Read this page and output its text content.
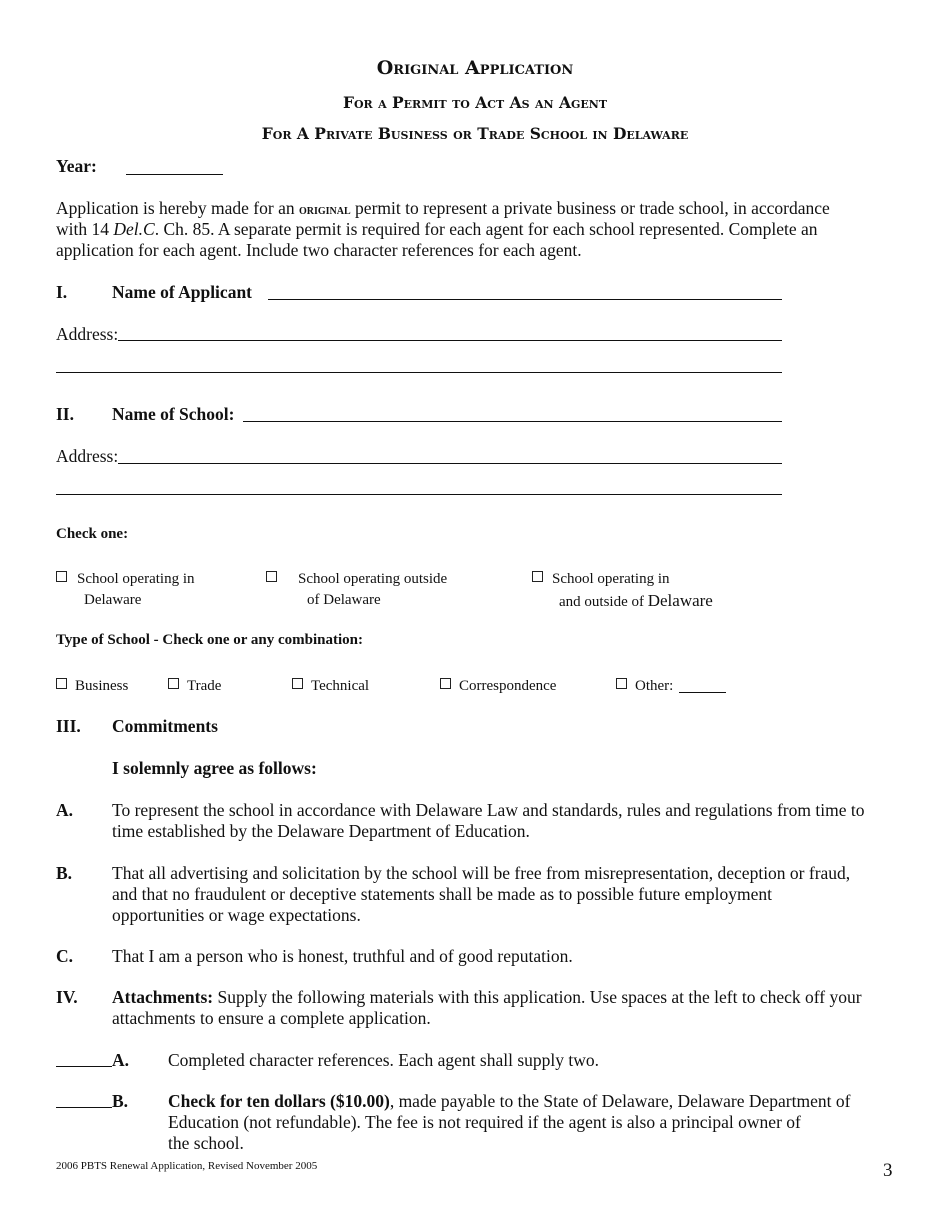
Original Application
For a Permit to Act As an Agent
For A Private Business or Trade School in Delaware
Year:
Application is hereby made for an original permit to represent a private business or trade school, in accordance
with 14 Del.C. Ch. 85. A separate permit is required for each agent for each school represented. Complete an
application for each agent. Include two character references for each agent.
I.	Name of Applicant
Address:
II. Name of School:
Address:
Check one:
School operating in
Delaware
School operating outside
of Delaware
School operating in
and outside of Delaware
Type of School - Check one or any combination:
Business	Trade	Technical	Correspondence	Other:
III. Commitments
I solemnly agree as follows:
A. To represent the school in accordance with Delaware Law and standards, rules and regulations from time to
time established by the Delaware Department of Education.
B. That all advertising and solicitation by the school will be free from misrepresentation, deception or fraud,
and that no fraudulent or deceptive statements shall be made as to possible future employment
opportunities or wage expectations.
C. That I am a person who is honest, truthful and of good reputation.
IV. Attachments: Supply the following materials with this application. Use spaces at the left to check off your
attachments to ensure a complete application.
A. Completed character references. Each agent shall supply two.
B. Check for ten dollars ($10.00), made payable to the State of Delaware, Delaware Department of
Education (not refundable). The fee is not required if the agent is also a principal owner of
the school.
2006 PBTS Renewal Application, Revised November 2005	3
